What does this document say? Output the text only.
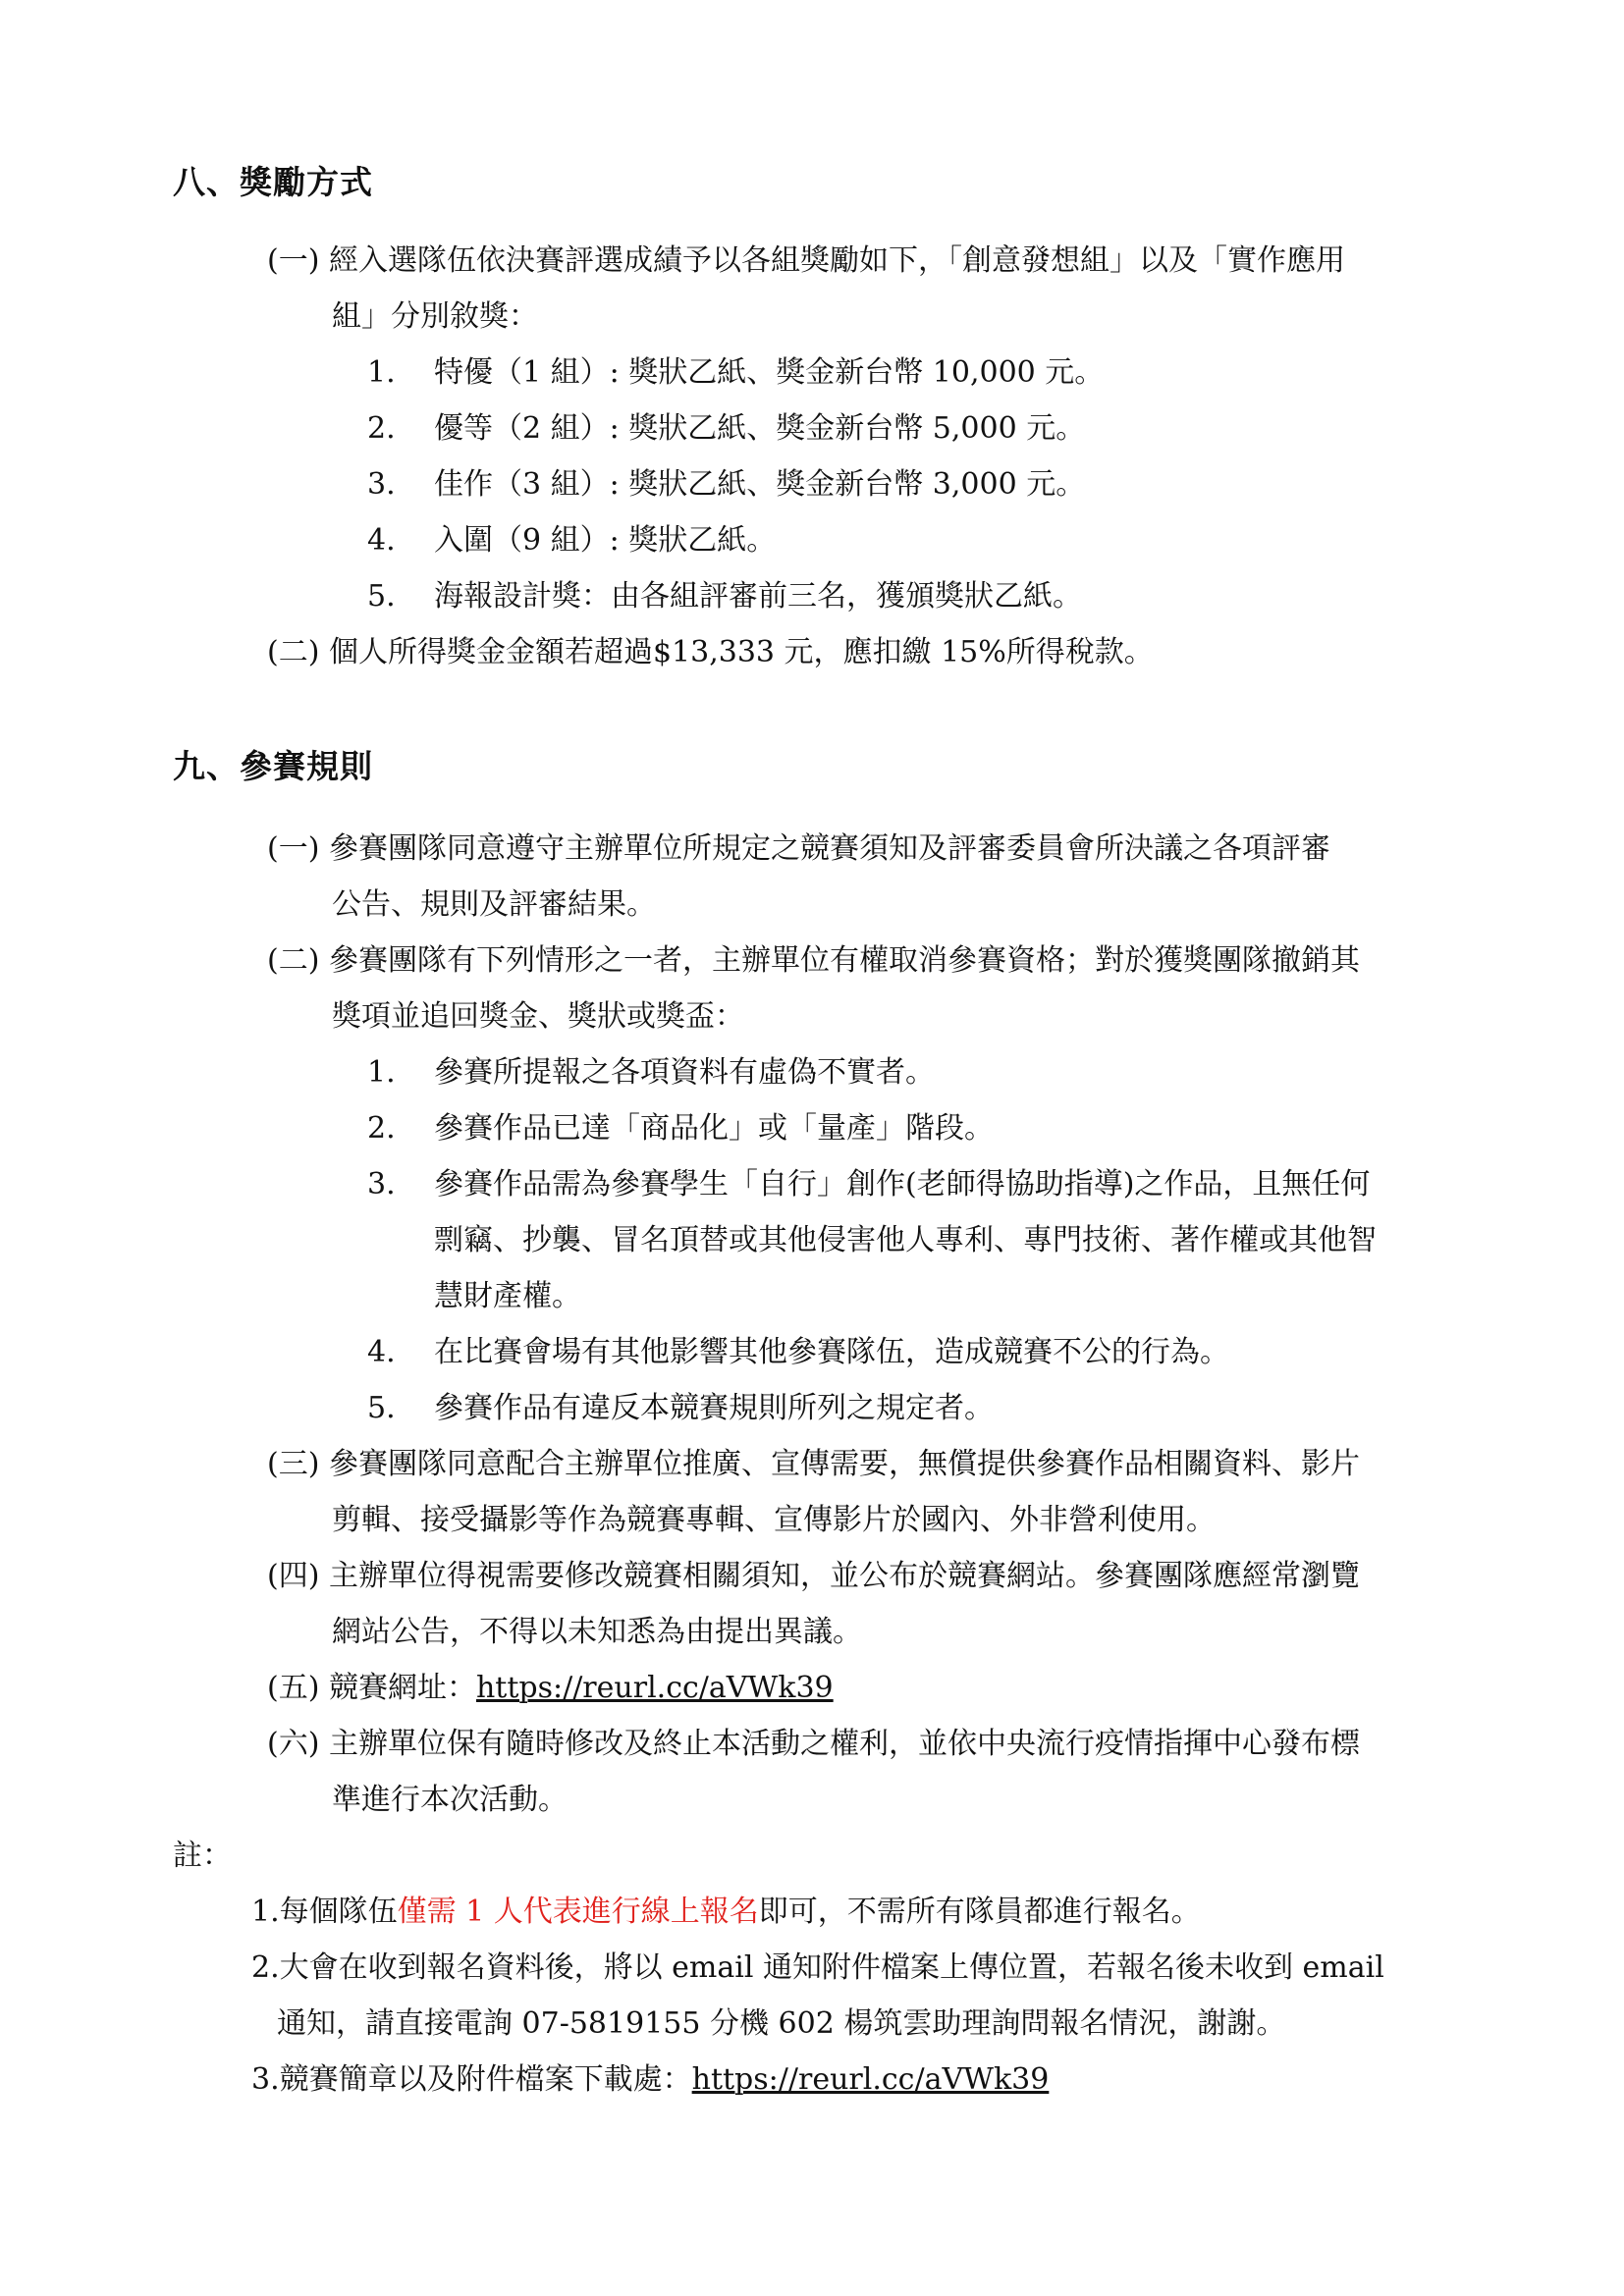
八、獎勵方式
(一) 經入選隊伍依決賽評選成績予以各組獎勵如下，「創意發想組」以及「實作應用
組」分別敘獎：
1. 特優（1 組）: 獎狀乙紙、獎金新台幣 10,000 元。
2. 優等（2 組）: 獎狀乙紙、獎金新台幣 5,000 元。
3. 佳作（3 組）: 獎狀乙紙、獎金新台幣 3,000 元。
4. 入圍（9 組）: 獎狀乙紙。
5. 海報設計獎：由各組評審前三名，獲頒獎狀乙紙。
(二) 個人所得獎金金額若超過$13,333 元，應扣繳 15%所得稅款。
九、參賽規則
(一) 參賽團隊同意遵守主辦單位所規定之競賽須知及評審委員會所決議之各項評審
公告、規則及評審結果。
(二) 參賽團隊有下列情形之一者，主辦單位有權取消參賽資格；對於獲獎團隊撤銷其
獎項並追回獎金、獎狀或獎盃：
1. 參賽所提報之各項資料有虛偽不實者。
2. 參賽作品已達「商品化」或「量產」階段。
3. 參賽作品需為參賽學生「自行」創作(老師得協助指導)之作品，且無任何
剽竊、抄襲、冒名頂替或其他侵害他人專利、專門技術、著作權或其他智
慧財產權。
4. 在比賽會場有其他影響其他參賽隊伍，造成競賽不公的行為。
5. 參賽作品有違反本競賽規則所列之規定者。
(三) 參賽團隊同意配合主辦單位推廣、宣傳需要，無償提供參賽作品相關資料、影片
剪輯、接受攝影等作為競賽專輯、宣傳影片於國內、外非營利使用。
(四) 主辦單位得視需要修改競賽相關須知，並公布於競賽網站。參賽團隊應經常瀏覽
網站公告，不得以未知悉為由提出異議。
(五) 競賽網址：https://reurl.cc/aVWk39
(六) 主辦單位保有隨時修改及終止本活動之權利，並依中央流行疫情指揮中心發布標
準進行本次活動。
註：
1.每個隊伍僅需 1 人代表進行線上報名即可，不需所有隊員都進行報名。
2.大會在收到報名資料後，將以 email 通知附件檔案上傳位置，若報名後未收到 email
通知，請直接電詢 07-5819155 分機 602 楊筑雲助理詢問報名情況，謝謝。
3.競賽簡章以及附件檔案下載處：https://reurl.cc/aVWk39
